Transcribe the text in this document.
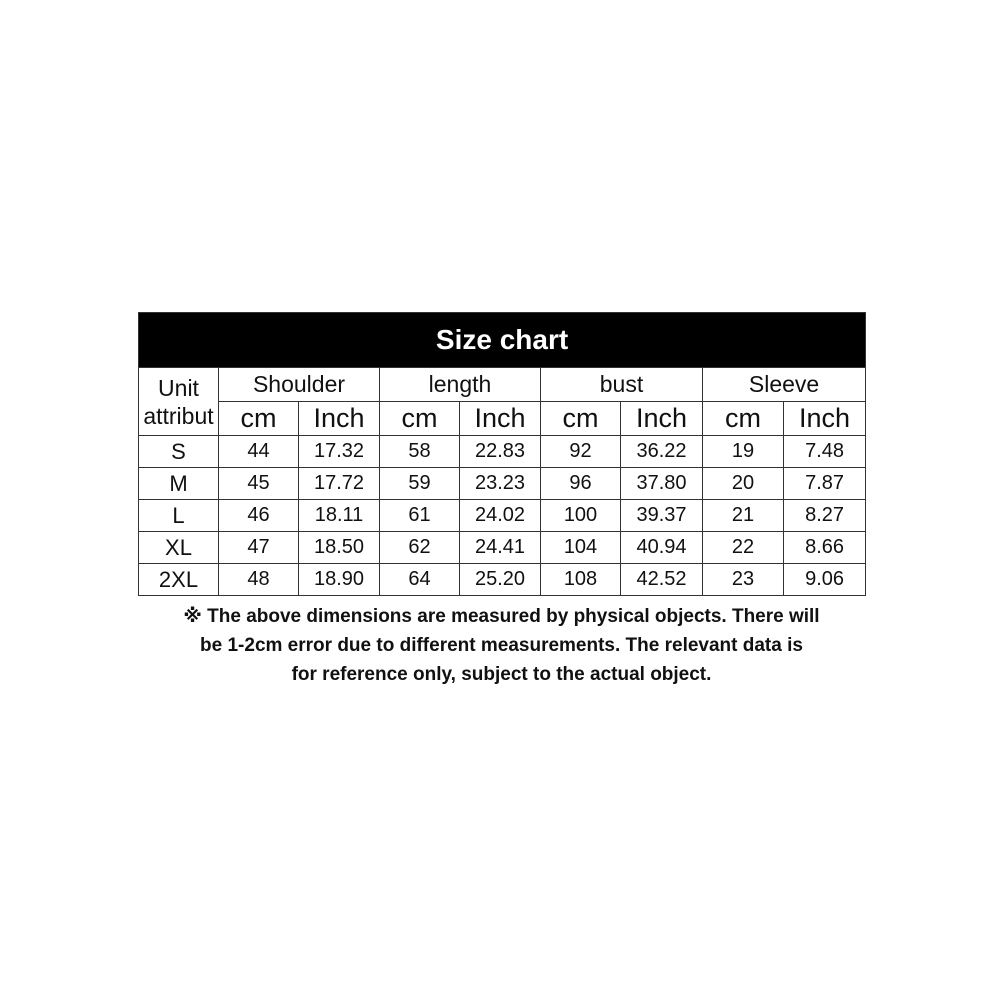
Size chart								

Unit
attribut	Shoulder		length		bust		Sleeve	
	cm	Inch	cm	Inch	cm	Inch	cm	Inch
S	44	17.32	58	22.83	92	36.22	19	7.48
M	45	17.72	59	23.23	96	37.80	20	7.87
L	46	18.11	61	24.02	100	39.37	21	8.27
XL	47	18.50	62	24.41	104	40.94	22	8.66
2XL	48	18.90	64	25.20	108	42.52	23	9.06
※ The above dimensions are measured by physical objects. There will
be 1-2cm error due to different measurements. The relevant data is
for reference only, subject to the actual object.
